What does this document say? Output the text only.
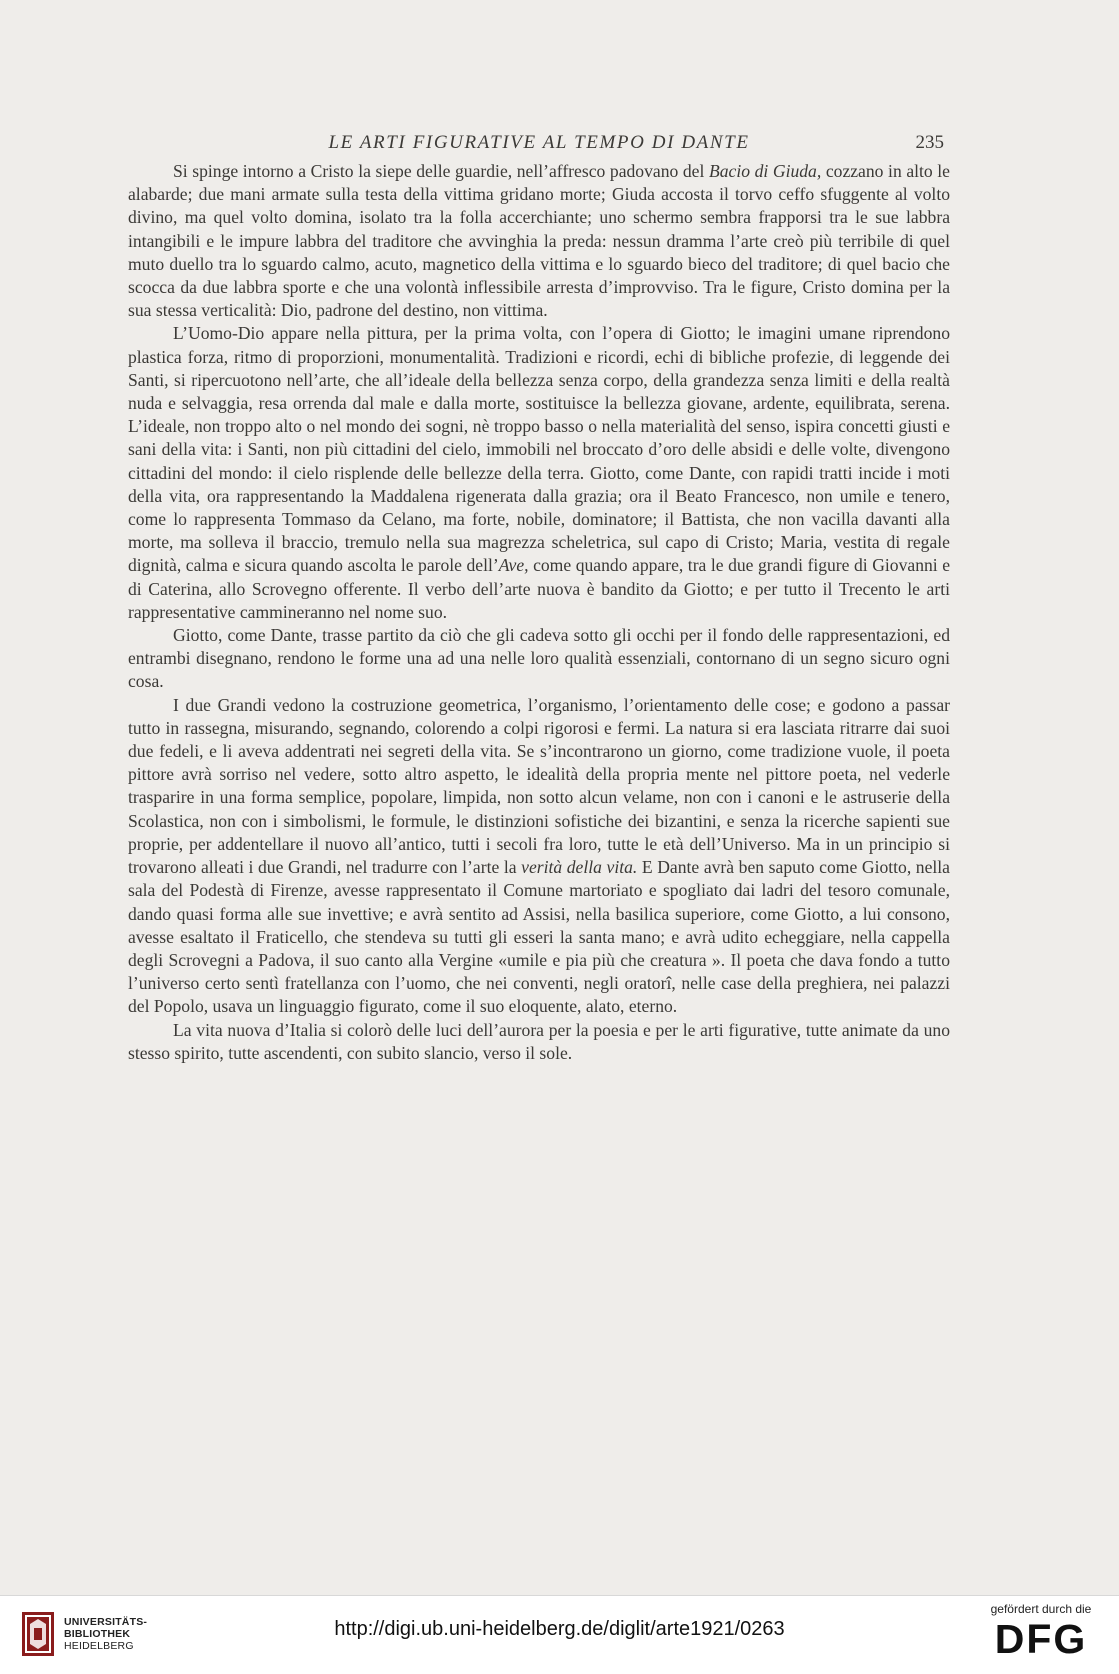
LE ARTI FIGURATIVE AL TEMPO DI DANTE	235

Si spinge intorno a Cristo la siepe delle guardie, nell’affresco padovano del Bacio di Giuda, cozzano in alto le alabarde; due mani armate sulla testa della vittima gridano morte; Giuda accosta il torvo ceffo sfuggente al volto divino, ma quel volto domina, isolato tra la folla accerchiante; uno schermo sembra frapporsi tra le sue labbra intangibili e le impure labbra del traditore che avvinghia la preda: nessun dramma l’arte creò più terribile di quel muto duello tra lo sguardo calmo, acuto, magnetico della vittima e lo sguardo bieco del traditore; di quel bacio che scocca da due labbra sporte e che una volontà inflessibile arresta d’improvviso. Tra le figure, Cristo domina per la sua stessa verticalità: Dio, padrone del destino, non vittima.

L’Uomo-Dio appare nella pittura, per la prima volta, con l’opera di Giotto; le imagini umane riprendono plastica forza, ritmo di proporzioni, monumentalità. Tradizioni e ricordi, echi di bibliche profezie, di leggende dei Santi, si ripercuotono nell’arte, che all’ideale della bellezza senza corpo, della grandezza senza limiti e della realtà nuda e selvaggia, resa orrenda dal male e dalla morte, sostituisce la bellezza giovane, ardente, equilibrata, serena. L’ideale, non troppo alto o nel mondo dei sogni, nè troppo basso o nella materialità del senso, ispira concetti giusti e sani della vita: i Santi, non più cittadini del cielo, immobili nel broccato d’oro delle absidi e delle volte, divengono cittadini del mondo: il cielo risplende delle bellezze della terra. Giotto, come Dante, con rapidi tratti incide i moti della vita, ora rappresentando la Maddalena rigenerata dalla grazia; ora il Beato Francesco, non umile e tenero, come lo rappresenta Tommaso da Celano, ma forte, nobile, dominatore; il Battista, che non vacilla davanti alla morte, ma solleva il braccio, tremulo nella sua magrezza scheletrica, sul capo di Cristo; Maria, vestita di regale dignità, calma e sicura quando ascolta le parole dell’Ave, come quando appare, tra le due grandi figure di Giovanni e di Caterina, allo Scrovegno offerente. Il verbo dell’arte nuova è bandito da Giotto; e per tutto il Trecento le arti rappresentative cammineranno nel nome suo.

Giotto, come Dante, trasse partito da ciò che gli cadeva sotto gli occhi per il fondo delle rappresentazioni, ed entrambi disegnano, rendono le forme una ad una nelle loro qualità essenziali, contornano di un segno sicuro ogni cosa.

I due Grandi vedono la costruzione geometrica, l’organismo, l’orientamento delle cose; e godono a passar tutto in rassegna, misurando, segnando, colorendo a colpi rigorosi e fermi. La natura si era lasciata ritrarre dai suoi due fedeli, e li aveva addentrati nei segreti della vita. Se s’incontrarono un giorno, come tradizione vuole, il poeta pittore avrà sorriso nel vedere, sotto altro aspetto, le idealità della propria mente nel pittore poeta, nel vederle trasparire in una forma semplice, popolare, limpida, non sotto alcun velame, non con i canoni e le astruserie della Scolastica, non con i simbolismi, le formule, le distinzioni sofistiche dei bizantini, e senza la ricerche sapienti sue proprie, per addentellare il nuovo all’antico, tutti i secoli fra loro, tutte le età dell’Universo. Ma in un principio si trovarono alleati i due Grandi, nel tradurre con l’arte la verità della vita. E Dante avrà ben saputo come Giotto, nella sala del Podestà di Firenze, avesse rappresentato il Comune martoriato e spogliato dai ladri del tesoro comunale, dando quasi forma alle sue invettive; e avrà sentito ad Assisi, nella basilica superiore, come Giotto, a lui consono, avesse esaltato il Fraticello, che stendeva su tutti gli esseri la santa mano; e avrà udito echeggiare, nella cappella degli Scrovegni a Padova, il suo canto alla Vergine «umile e pia più che creatura ». Il poeta che dava fondo a tutto l’universo certo sentì fratellanza con l’uomo, che nei conventi, negli oratorî, nelle case della preghiera, nei palazzi del Popolo, usava un linguaggio figurato, come il suo eloquente, alato, eterno.

La vita nuova d’Italia si colorò delle luci dell’aurora per la poesia e per le arti figurative, tutte animate da uno stesso spirito, tutte ascendenti, con subito slancio, verso il sole.

UNIVERSITÄTS-
BIBLIOTHEK
HEIDELBERG
http://digi.ub.uni-heidelberg.de/diglit/arte1921/0263
gefördert durch die
DFG
